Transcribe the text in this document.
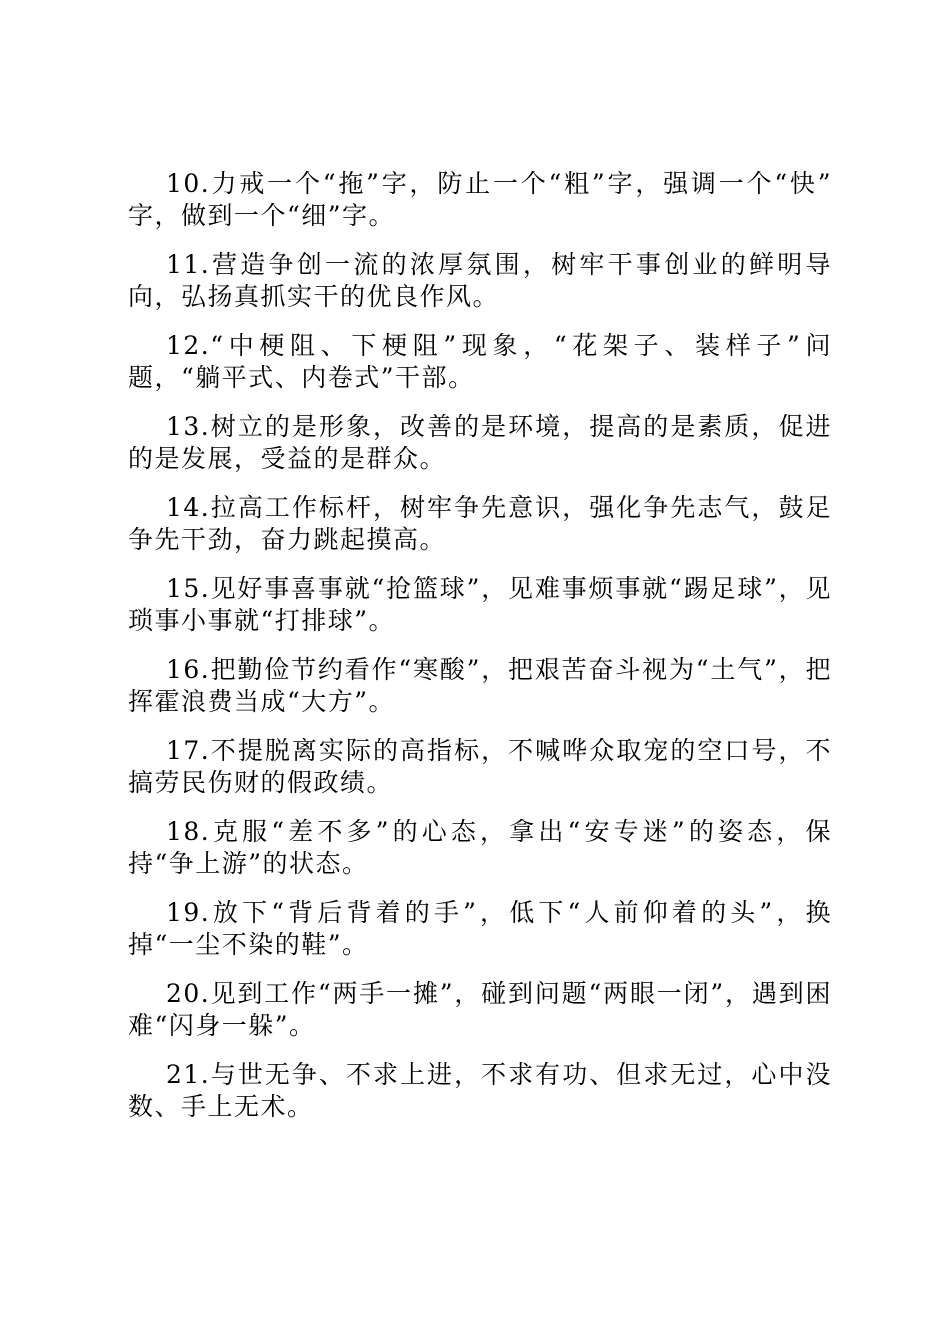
10.力戒一个“拖”字，防止一个“粗”字，强调一个“快” 字，做到一个“细”字。

11.营造争创一流的浓厚氛围，树牢干事创业的鲜明导向，弘扬真抓实干的优良作风。

12.“中梗阻、下梗阻”现象，“花架子、装样子”问题，“躺平式、内卷式”干部。

13.树立的是形象，改善的是环境，提高的是素质，促进的是发展，受益的是群众。

14.拉高工作标杆，树牢争先意识，强化争先志气，鼓足争先干劲，奋力跳起摸高。

15.见好事喜事就“抢篮球”，见难事烦事就“踢足球”，见琐事小事就“打排球”。

16.把勤俭节约看作“寒酸”，把艰苦奋斗视为“土气”，把挥霍浪费当成“大方”。

17.不提脱离实际的高指标，不喊哗众取宠的空口号，不搞劳民伤财的假政绩。

18.克服“差不多”的心态，拿出“安专迷”的姿态，保持“争上游”的状态。

19.放下“背后背着的手”，低下“人前仰着的头”，换掉“一尘不染的鞋”。

20.见到工作“两手一摊”，碰到问题“两眼一闭”，遇到困难“闪身一躲”。

21.与世无争、不求上进，不求有功、但求无过，心中没数、手上无术。
